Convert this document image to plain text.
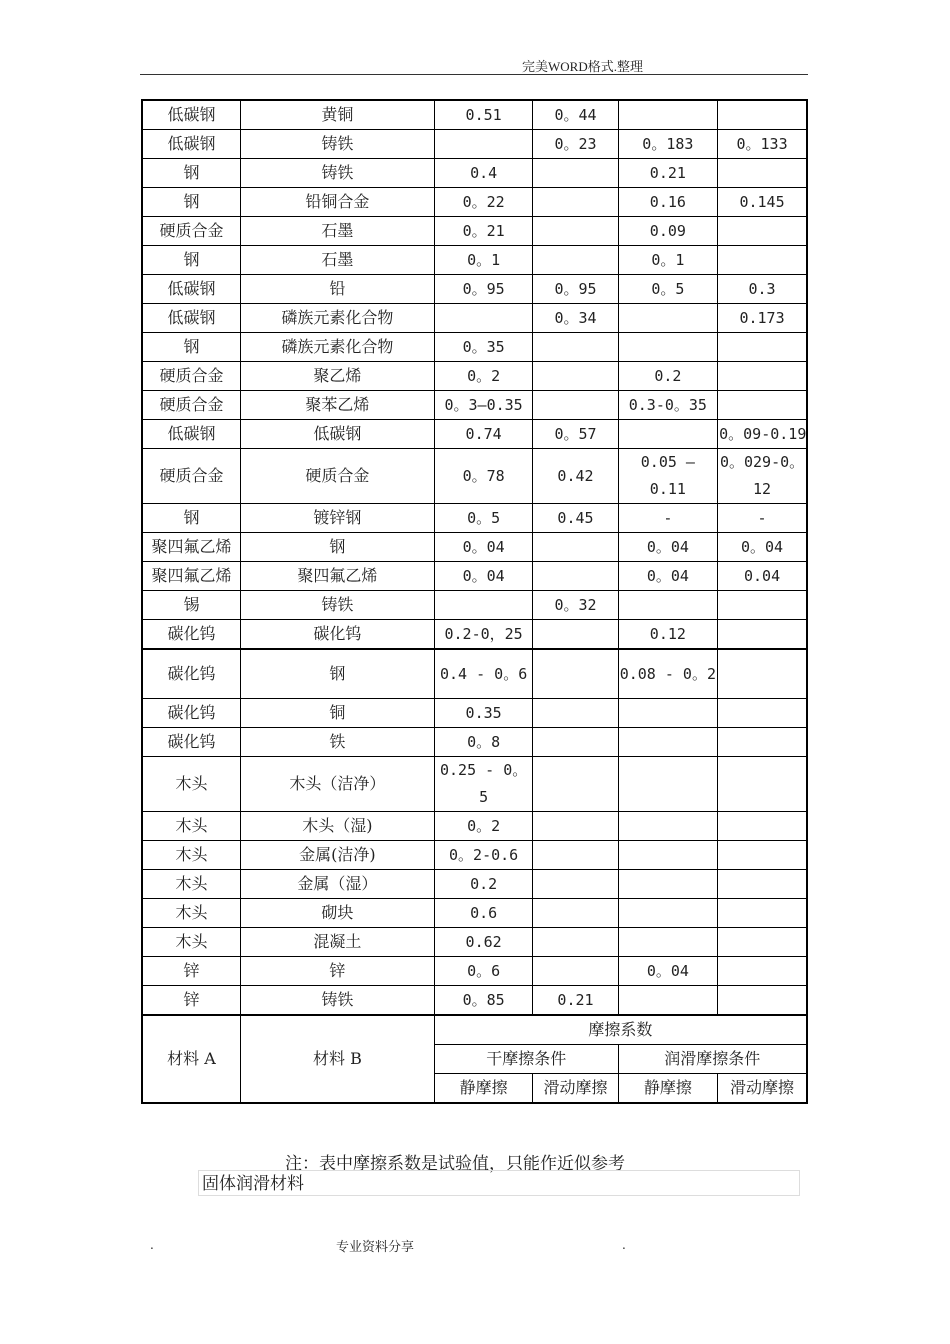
完美WORD格式.整理
低碳钢	黄铜	0.51	0。44		
低碳钢	铸铁		0。23	0。183	0。133
钢	铸铁	0.4		0.21	
钢	铅铜合金	0。22		0.16	0.145
硬质合金	石墨	0。21		0.09	
钢	石墨	0。1		0。1	
低碳钢	铅	0。95	0。95	0。5	0.3
低碳钢	磷族元素化合物		0。34		0.173
钢	磷族元素化合物	0。35			
硬质合金	聚乙烯	0。2		0.2	
硬质合金	聚苯乙烯	0。3—0.35		0.3-0。35	
低碳钢	低碳钢	0.74	0。57		0。09-0.19
硬质合金	硬质合金	0。78	0.42	0.05 — 0.11	0。029-0。12
钢	镀锌钢	0。5	0.45	-	-
聚四氟乙烯	钢	0。04		0。04	0。04
聚四氟乙烯	聚四氟乙烯	0。04		0。04	0.04
锡	铸铁		0。32		
碳化钨	碳化钨	0.2-0，25		0.12	
碳化钨	钢	0.4 - 0。6		0.08 - 0。2	
碳化钨	铜	0.35			
碳化钨	铁	0。8			
木头	木头（洁净）	0.25 - 0。5			
木头	木头（湿)	0。2			
木头	金属(洁净)	0。2-0.6			
木头	金属（湿）	0.2			
木头	砌块	0.6			
木头	混凝土	0.62			
锌	锌	0。6		0。04	
锌	铸铁	0。85	0.21		
材料 A	材料 B	摩擦系数			
		干摩擦条件		润滑摩擦条件	
		静摩擦	滑动摩擦	静摩擦	滑动摩擦
注：表中摩擦系数是试验值，只能作近似参考
固体润滑材料
.	专业资料分享	.
